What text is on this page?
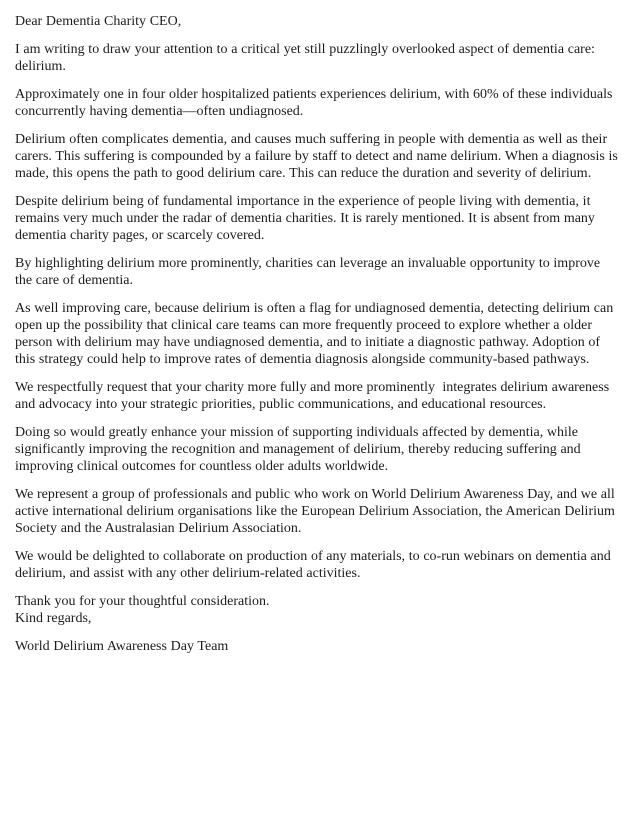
Dear Dementia Charity CEO,

I am writing to draw your attention to a critical yet still puzzlingly overlooked aspect of dementia care: delirium.

Approximately one in four older hospitalized patients experiences delirium, with 60% of these individuals concurrently having dementia—often undiagnosed.

Delirium often complicates dementia, and causes much suffering in people with dementia as well as their carers. This suffering is compounded by a failure by staff to detect and name delirium. When a diagnosis is made, this opens the path to good delirium care. This can reduce the duration and severity of delirium.

Despite delirium being of fundamental importance in the experience of people living with dementia, it remains very much under the radar of dementia charities. It is rarely mentioned. It is absent from many dementia charity pages, or scarcely covered.

By highlighting delirium more prominently, charities can leverage an invaluable opportunity to improve the care of dementia.

As well improving care, because delirium is often a flag for undiagnosed dementia, detecting delirium can open up the possibility that clinical care teams can more frequently proceed to explore whether a older person with delirium may have undiagnosed dementia, and to initiate a diagnostic pathway. Adoption of this strategy could help to improve rates of dementia diagnosis alongside community-based pathways.

We respectfully request that your charity more fully and more prominently  integrates delirium awareness and advocacy into your strategic priorities, public communications, and educational resources.

Doing so would greatly enhance your mission of supporting individuals affected by dementia, while significantly improving the recognition and management of delirium, thereby reducing suffering and improving clinical outcomes for countless older adults worldwide.

We represent a group of professionals and public who work on World Delirium Awareness Day, and we all active international delirium organisations like the European Delirium Association, the American Delirium Society and the Australasian Delirium Association.

We would be delighted to collaborate on production of any materials, to co-run webinars on dementia and delirium, and assist with any other delirium-related activities.

Thank you for your thoughtful consideration.

Kind regards,

World Delirium Awareness Day Team
